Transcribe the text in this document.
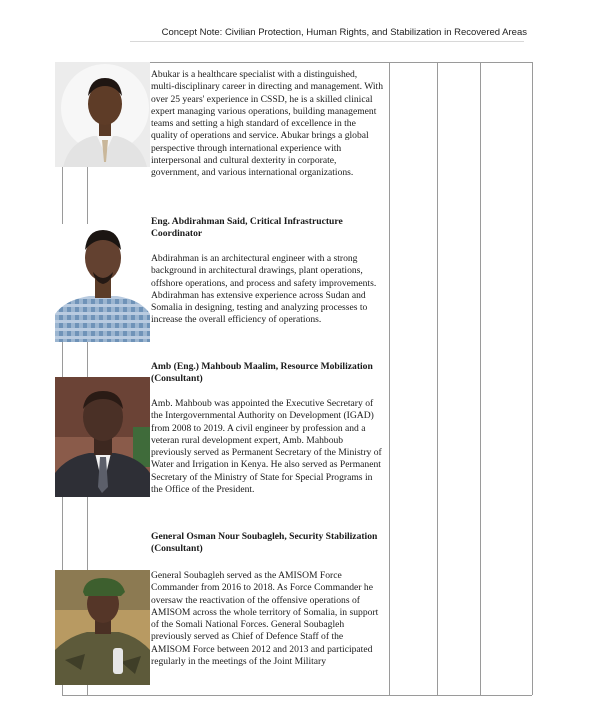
Concept Note: Civilian Protection, Human Rights, and Stabilization in Recovered Areas

Abukar is a healthcare specialist with a distinguished, multi-disciplinary career in directing and management. With over 25 years' experience in CSSD, he is a skilled clinical expert managing various operations, building management teams and setting a high standard of excellence in the quality of operations and service. Abukar brings a global perspective through international experience with interpersonal and cultural dexterity in corporate, government, and various international organizations.

Eng. Abdirahman Said, Critical Infrastructure Coordinator

Abdirahman is an architectural engineer with a strong background in architectural drawings, plant operations, offshore operations, and process and safety improvements. Abdirahman has extensive experience across Sudan and Somalia in designing, testing and analyzing processes to increase the overall efficiency of operations.

Amb (Eng.) Mahboub Maalim, Resource Mobilization (Consultant)

Amb. Mahboub was appointed the Executive Secretary of the Intergovernmental Authority on Development (IGAD) from 2008 to 2019. A civil engineer by profession and a veteran rural development expert, Amb. Mahboub previously served as Permanent Secretary of the Ministry of Water and Irrigation in Kenya. He also served as Permanent Secretary of the Ministry of State for Special Programs in the Office of the President.

General Osman Nour Soubagleh, Security Stabilization (Consultant)

General Soubagleh served as the AMISOM Force Commander from 2016 to 2018. As Force Commander he oversaw the reactivation of the offensive operations of AMISOM across the whole territory of Somalia, in support of the Somali National Forces. General Soubagleh previously served as Chief of Defence Staff of the AMISOM Force between 2012 and 2013 and participated regularly in the meetings of the Joint Military
